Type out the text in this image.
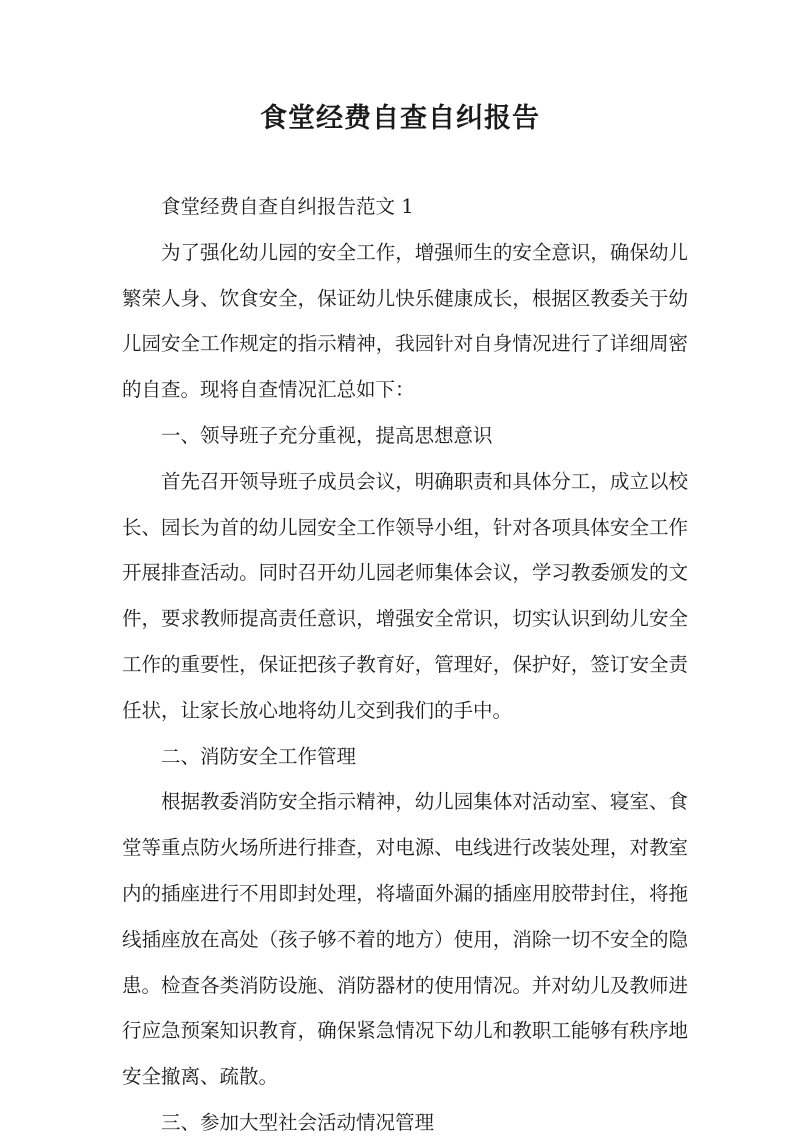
食堂经费自查自纠报告

食堂经费自查自纠报告范文 1

为了强化幼儿园的安全工作，增强师生的安全意识，确保幼儿繁荣人身、饮食安全，保证幼儿快乐健康成长，根据区教委关于幼儿园安全工作规定的指示精神，我园针对自身情况进行了详细周密的自查。现将自查情况汇总如下：

一、领导班子充分重视，提高思想意识

首先召开领导班子成员会议，明确职责和具体分工，成立以校长、园长为首的幼儿园安全工作领导小组，针对各项具体安全工作开展排查活动。同时召开幼儿园老师集体会议，学习教委颁发的文件，要求教师提高责任意识，增强安全常识，切实认识到幼儿安全工作的重要性，保证把孩子教育好，管理好，保护好，签订安全责任状，让家长放心地将幼儿交到我们的手中。

二、消防安全工作管理

根据教委消防安全指示精神，幼儿园集体对活动室、寝室、食堂等重点防火场所进行排查，对电源、电线进行改装处理，对教室内的插座进行不用即封处理，将墙面外漏的插座用胶带封住，将拖线插座放在高处（孩子够不着的地方）使用，消除一切不安全的隐患。检查各类消防设施、消防器材的使用情况。并对幼儿及教师进行应急预案知识教育，确保紧急情况下幼儿和教职工能够有秩序地安全撤离、疏散。

三、参加大型社会活动情况管理
